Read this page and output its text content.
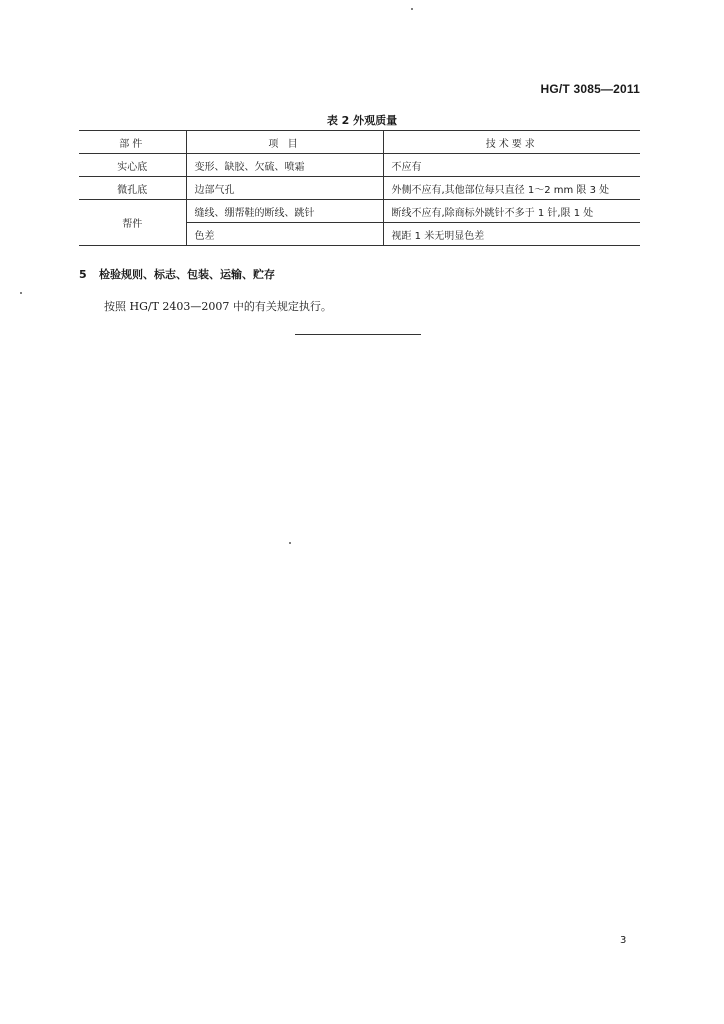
HG/T 3085—2011
表 2 外观质量
部件	项 目	技术要求
实心底	变形、缺胶、欠硫、喷霜	不应有
微孔底	边部气孔	外侧不应有,其他部位每只直径 1～2 mm 限 3 处
帮件	缝线、绷帮鞋的断线、跳针	断线不应有,除商标外跳针不多于 1 针,限 1 处
	色差	视距 1 米无明显色差
5 检验规则、标志、包装、运输、贮存
按照 HG/T 2403—2007 中的有关规定执行。
3
